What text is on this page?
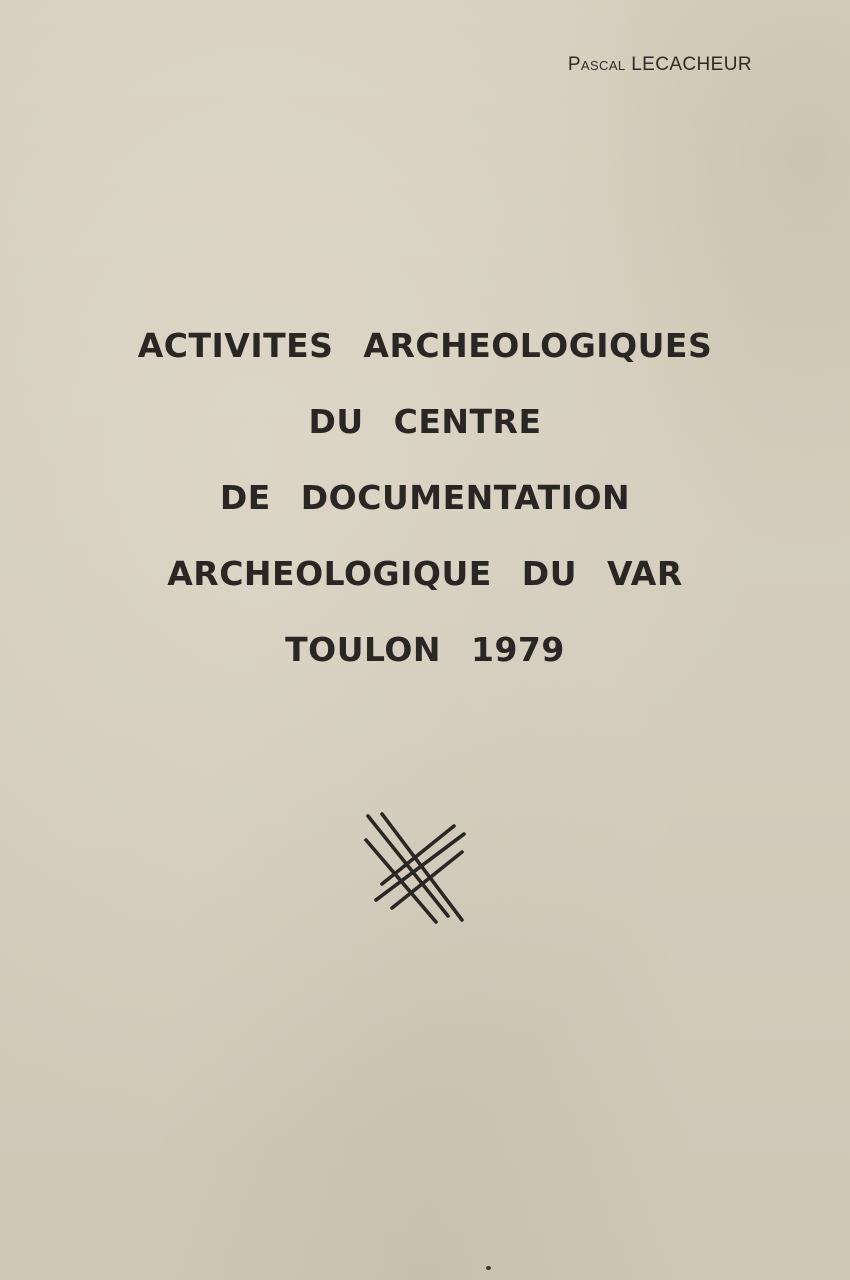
Pascal LECACHEUR
ACTIVITES ARCHEOLOGIQUES
DU CENTRE
DE DOCUMENTATION
ARCHEOLOGIQUE DU VAR
TOULON 1979
